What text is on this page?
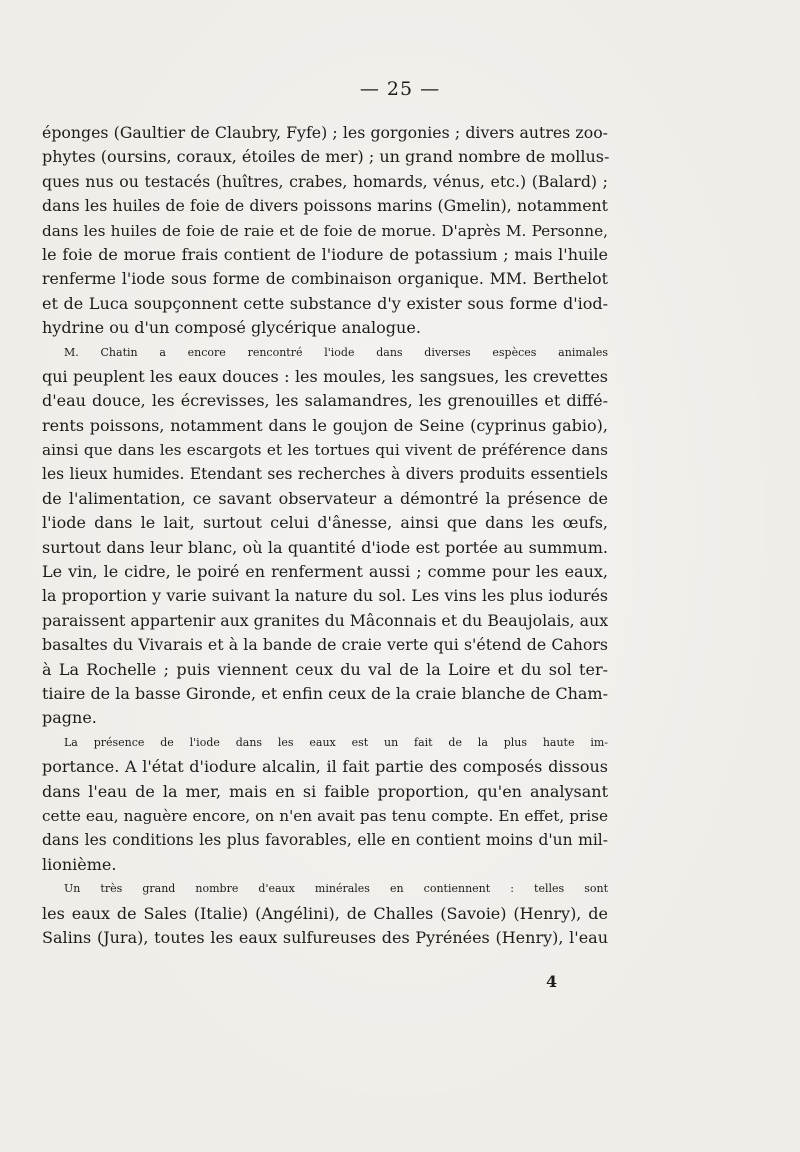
— 25 —
éponges (Gaultier de Claubry, Fyfe) ; les gorgonies ; divers autres zoo-
phytes (oursins, coraux, étoiles de mer) ; un grand nombre de mollus-
ques nus ou testacés (huîtres, crabes, homards, vénus, etc.) (Balard) ;
dans les huiles de foie de divers poissons marins (Gmelin), notamment
dans les huiles de foie de raie et de foie de morue. D'après M. Personne,
le foie de morue frais contient de l'iodure de potassium ; mais l'huile
renferme l'iode sous forme de combinaison organique. MM. Berthelot
et de Luca soupçonnent cette substance d'y exister sous forme d'iod-
hydrine ou d'un composé glycérique analogue.
M. Chatin a encore rencontré l'iode dans diverses espèces animales
qui peuplent les eaux douces : les moules, les sangsues, les crevettes
d'eau douce, les écrevisses, les salamandres, les grenouilles et diffé-
rents poissons, notamment dans le goujon de Seine (cyprinus gabio),
ainsi que dans les escargots et les tortues qui vivent de préférence dans
les lieux humides. Etendant ses recherches à divers produits essentiels
de l'alimentation, ce savant observateur a démontré la présence de
l'iode dans le lait, surtout celui d'ânesse, ainsi que dans les œufs,
surtout dans leur blanc, où la quantité d'iode est portée au summum.
Le vin, le cidre, le poiré en renferment aussi ; comme pour les eaux,
la proportion y varie suivant la nature du sol. Les vins les plus iodurés
paraissent appartenir aux granites du Mâconnais et du Beaujolais, aux
basaltes du Vivarais et à la bande de craie verte qui s'étend de Cahors
à La Rochelle ; puis viennent ceux du val de la Loire et du sol ter-
tiaire de la basse Gironde, et enfin ceux de la craie blanche de Cham-
pagne.
La présence de l'iode dans les eaux est un fait de la plus haute im-
portance. A l'état d'iodure alcalin, il fait partie des composés dissous
dans l'eau de la mer, mais en si faible proportion, qu'en analysant
cette eau, naguère encore, on n'en avait pas tenu compte. En effet, prise
dans les conditions les plus favorables, elle en contient moins d'un mil-
lionième.
Un très grand nombre d'eaux minérales en contiennent : telles sont
les eaux de Sales (Italie) (Angélini), de Challes (Savoie) (Henry), de
Salins (Jura), toutes les eaux sulfureuses des Pyrénées (Henry), l'eau
4
